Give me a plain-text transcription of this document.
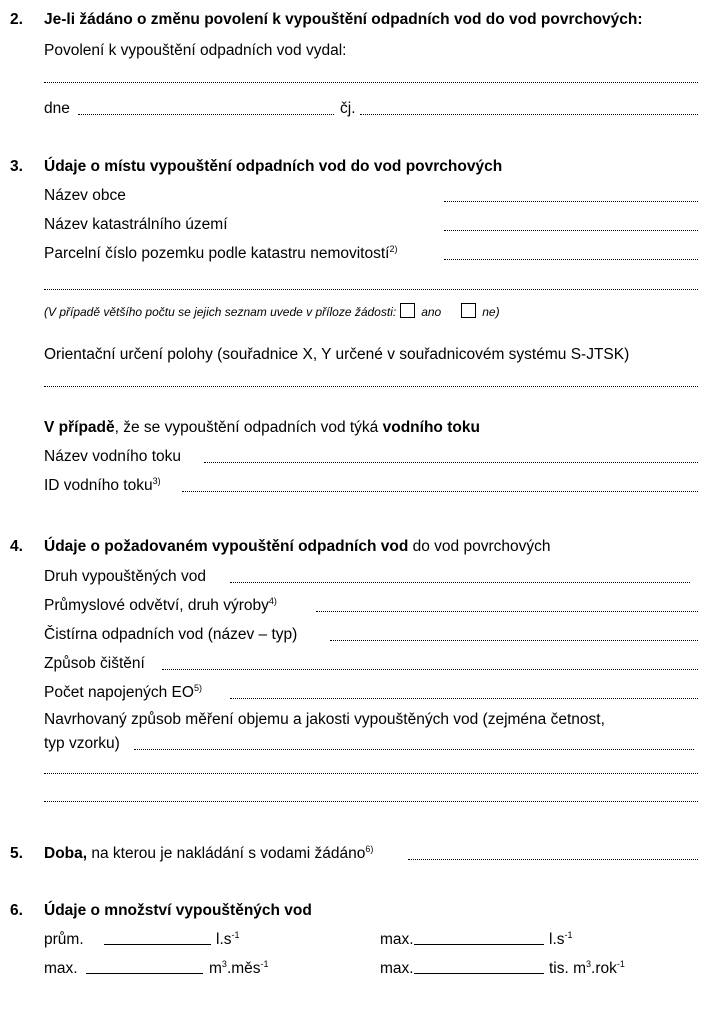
2. Je-li žádáno o změnu povolení k vypouštění odpadních vod do vod povrchových:
Povolení k vypouštění odpadních vod vydal:
dne	čj.
3. Údaje o místu vypouštění odpadních vod do vod povrchových
Název obce
Název katastrálního území
Parcelní číslo pozemku podle katastru nemovitostí$^{2)}$
(V případě většího počtu se jejich seznam uvede v příloze žádosti: ano	ne)
Orientační určení polohy (souřadnice X, Y určené v souřadnicovém systému S-JTSK)
V případě, že se vypouštění odpadních vod týká vodního toku
Název vodního toku
ID vodního toku$^{3)}$
4. Údaje o požadovaném vypouštění odpadních vod do vod povrchových
Druh vypouštěných vod
Průmyslové odvětví, druh výroby$^{4)}$
Čistírna odpadních vod (název – typ)
Způsob čištění
Počet napojených EO$^{5)}$
Navrhovaný způsob měření objemu a jakosti vypouštěných vod (zejména četnost,
typ vzorku)
5. Doba, na kterou je nakládání s vodami žádáno$^{6)}$
6. Údaje o množství vypouštěných vod
prům.	$l.s^{-1}$	max.	$l.s^{-1}$
max.	$m^3.měs^{-1}$	max.	tis. $m^3.rok^{-1}$
